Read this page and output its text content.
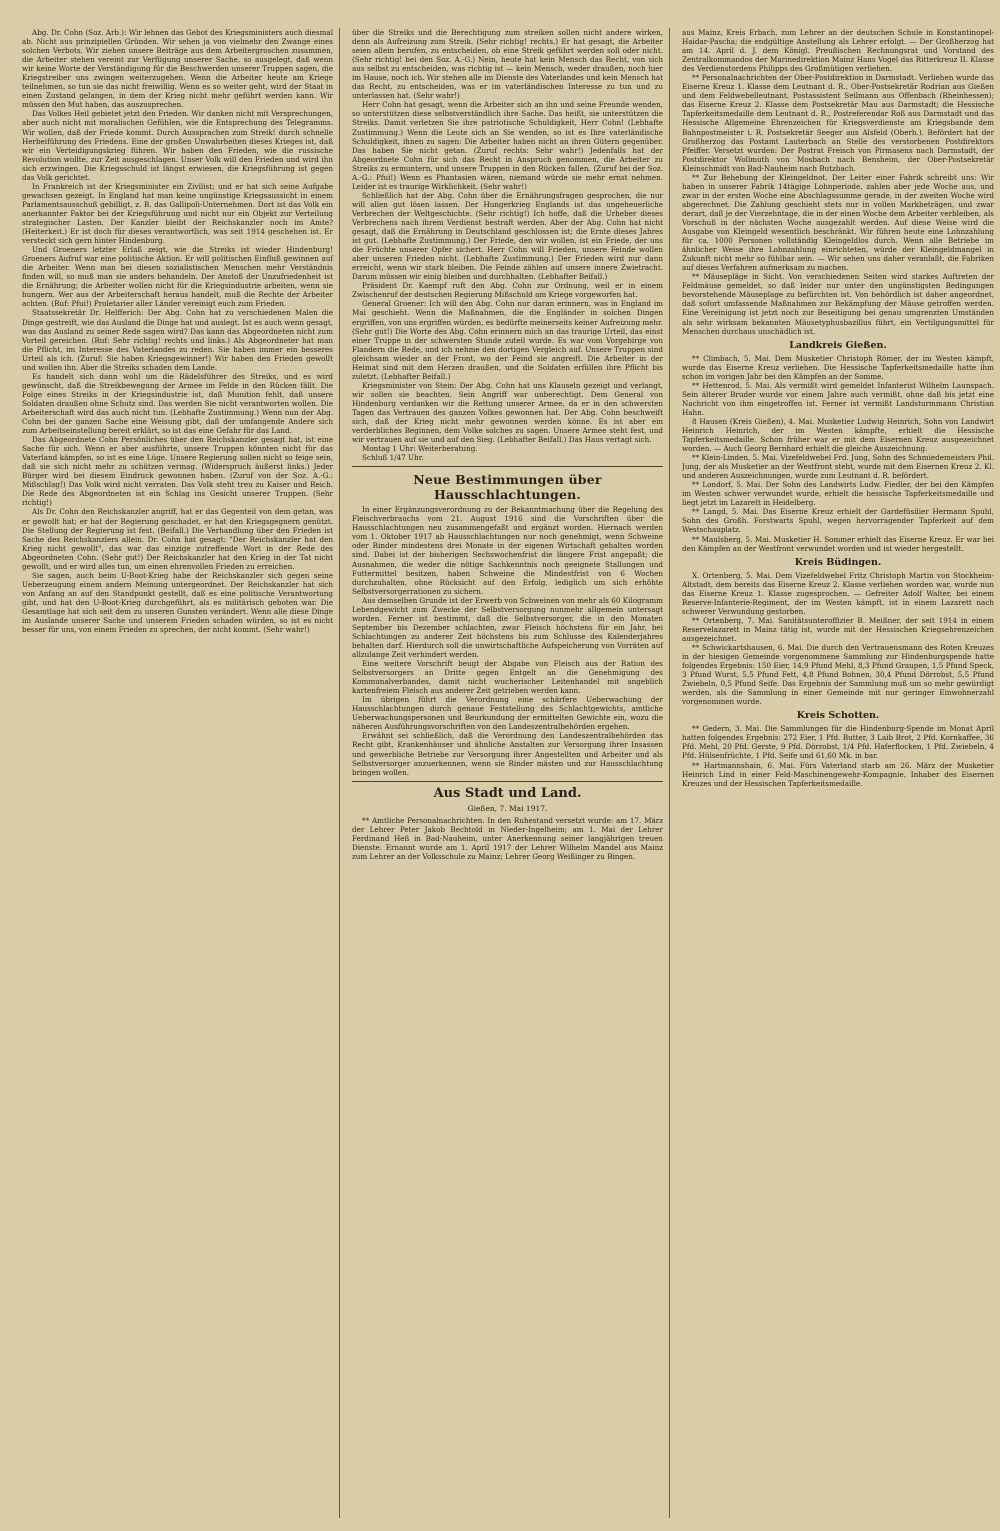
Abg. Dr. Cohn (Soz. Arb.): Wir lehnen das Gebot des Kriegsministers auch diesmal ab. Nicht aus prinzipiellen Gründen. Wir sehen ja von vielmehr den Zwange eines solchen Verbots. Wir ziehen unsere Beiträge aus dem Arbeitergroschen zusammen, die Arbeiter stehen vereint zur Verfügung unserer Sache, so ausgelegt, daß wenn wir keine Worte der Verständigung für die Beschwerden unserer Truppen sagen, die Kriegstreiber uns zwingen weiterzugehen. Wenn die Arbeiter heute am Kriege teilnehmen, so tun sie das nicht freiwillig. Wenn es so weiter geht, wird der Staat in einen Zustand gelangen, in dem der Krieg nicht mehr geführt werden kann. Wir müssen den Mut haben, das auszusprechen.

Das Volkes Heil gebietet jetzt den Frieden. Wir danken nicht mit Versprechungen, aber auch nicht mit moralischen Gefühlen, wie die Entsprechung des Telegramms. Wir wollen, daß der Friede kommt. Durch Aussprachen zum Streik! durch schnelle Herbeiführung des Friedens. Eine der großen Unwahrheiten dieses Krieges ist, daß wir ein Verteidigungskrieg führen. Wir haben den Frieden, wie die russische Revolution wollte, zur Zeit ausgeschlagen. Unser Volk will den Frieden und wird ihn sich erzwingen. Die Kriegsschuld ist längst erwiesen, die Kriegsführung ist gegen das Volk gerichtet.

In Frankreich ist der Kriegsminister ein Zivilist; und er hat sich seine Aufgabe gewachsen gezeigt. In England hat man keine ungünstige Kriegsaussicht in einem Parlamentsausschuß gebilligt, z. B. das Gallipoli-Unternehmen. Dort ist das Volk ein anerkannter Faktor bei der Kriegsführung und nicht nur ein Objekt zur Verteilung strategischer Lasten. Der Kanzler bleibt der Reichskanzler noch im Amte? (Heiterkeit.) Er ist doch für dieses verantwortlich, was seit 1914 geschehen ist. Er versteckt sich gern hinter Hindenburg.

Und Groeners letzter Erlaß zeigt, wie die Streiks ist wieder Hindenburg! Groeners Aufruf war eine politische Aktion. Er will politischen Einfluß gewinnen auf die Arbeiter. Wenn man bei diesen sozialistischen Menschen mehr Verständnis finden will, so muß man sie anders behandeln. Der Anstoß der Unzufriedenheit ist die Ernährung; die Arbeiter wollen nicht für die Kriegsindustrie arbeiten, wenn sie hungern. Wer aus der Arbeiterschaft heraus handelt, muß die Rechte der Arbeiter achten. (Ruf: Pfui!) Proletarier aller Länder vereinigt euch zum Frieden.

Staatssekretär Dr. Helfferich: Der Abg. Cohn hat zu verschiedenen Malen die Dinge gestreift, wie das Ausland die Dinge hat und auslegt. Ist es auch wenn gesagt, was das Ausland zu seiner Rede sagen wird? Das kann das Abgeordneten nicht zum Vorteil gereichen. (Ruf: Sehr richtig! rechts und links.) Als Abgeordneter hat man die Pflicht, im Interesse des Vaterlandes zu reden. Sie haben immer ein besseres Urteil als ich. (Zuruf: Sie haben Kriegsgewinner!) Wir haben den Frieden gewollt und wollen ihn. Aber die Streiks schaden dem Lande.

Es handelt sich dann wohl um die Rädelsführer des Streiks, und es wird gewünscht, daß die Streikbewegung der Armee im Felde in den Rücken fällt. Die Folge eines Streiks in der Kriegsindustrie ist, daß Munition fehlt, daß unsere Soldaten draußen ohne Schutz sind. Das werden Sie nicht verantworten wollen. Die Arbeiterschaft wird das auch nicht tun. (Lebhafte Zustimmung.) Wenn nun der Abg. Cohn bei der ganzen Sache eine Weisung gibt, daß der umfangende Andere sich zum Arbeitseinstellung bereit erklärt, so ist das eine Gefahr für das Land.

Das Abgeordnete Cohn Persönliches über den Reichskanzler gesagt hat, ist eine Sache für sich. Wenn er aber ausführte, unsere Truppen könnten nicht für das Vaterland kämpfen, so ist es eine Lüge. Unsere Regierung sollen nicht so feige sein, daß sie sich nicht mehr zu schützen vermag. (Widerspruch äußerst links.) Jeder Bürger wird bei diesem Eindruck gewonnen haben. (Zuruf von der Soz. A.-G.: Mißschlag!) Das Volk wird nicht verraten. Das Volk steht treu zu Kaiser und Reich. Die Rede des Abgeordneten ist ein Schlag ins Gesicht unserer Truppen. (Sehr richtig!)

Als Dr. Cohn den Reichskanzler angriff, hat er das Gegenteil von dem getan, was er gewollt hat; er hat der Regierung geschadet, er hat den Kriegsgegnern genützt. Die Stellung der Regierung ist fest. (Beifall.) Die Verhandlung über den Frieden ist Sache des Reichskanzlers allein. Dr. Cohn hat gesagt: "Der Reichskanzler hat den Krieg nicht gewollt", das war das einzige zutreffende Wort in der Rede des Abgeordneten Cohn. (Sehr gut!) Der Reichskanzler hat den Krieg in der Tat nicht gewollt, und er wird alles tun, um einen ehrenvollen Frieden zu erreichen.

Sie sagen, auch beim U-Boot-Krieg habe der Reichskanzler sich gegen seine Ueberzeugung einem andern Meinung untergeordnet. Der Reichskanzler hat sich von Anfang an auf den Standpunkt gestellt, daß es eine politische Verantwortung gibt, und hat den U-Boot-Krieg durchgeführt, als es militärisch geboten war. Die Gesamtlage hat sich seit dem zu unseren Gunsten verändert. Wenn alle diese Dinge im Auslande unserer Sache und unserem Frieden schaden würden, so ist es nicht besser für uns, von einem Frieden zu sprechen, der nicht kommt. (Sehr wahr!)

über die Streiks und die Berechtigung zum streiken sollen nicht andere wirken, denn als Aufreizung zum Streik. (Sehr richtig! rechts.) Er hat gesagt, die Arbeiter seien allein berufen, zu entscheiden, ob eine Streik geführt werden soll oder nicht. (Sehr richtig! bei den Soz. A.-G.) Nein, heute hat kein Mensch das Recht, von sich aus selbst zu entscheiden, was richtig ist — kein Mensch, weder draußen, noch hier im Hause, noch ich. Wir stehen alle im Dienste des Vaterlandes und kein Mensch hat das Recht, zu entscheiden, was er im vaterländischen Interesse zu tun und zu unterlassen hat. (Sehr wahr!)

Herr Cohn hat gesagt, wenn die Arbeiter sich an ihn und seine Freunde wenden, so unterstützen diese selbstverständlich ihre Sache. Das heißt, sie unterstützen die Streiks. Damit verletzen Sie ihre patriotische Schuldigkeit, Herr Cohn! (Lebhafte Zustimmung.) Wenn die Leute sich an Sie wenden, so ist es Ihre vaterländische Schuldigkeit, ihnen zu sagen: Die Arbeiter haben nicht an ihren Gütern gegenüber. Das haben Sie nicht getan. (Zuruf rechts: Sehr wahr!) Jedenfalls hat der Abgeordnete Cohn für sich das Recht in Anspruch genommen, die Arbeiter zu Streiks zu ermuntern, und unsere Truppen in den Rücken fallen. (Zuruf bei der Soz. A.-G.: Pfui!) Wenn es Phantasien wären, niemand würde sie mehr ernst nehmen. Leider ist es traurige Wirklichkeit. (Sehr wahr!)

Schließlich hat der Abg. Cohn über die Ernährungsfragen gesprochen, die nur will allen gut lösen lassen. Der Hungerkrieg Englands ist das ungeheuerliche Verbrechen der Weltgeschichte. (Sehr richtig!) Ich hoffe, daß die Urheber dieses Verbrechens nach ihrem Verdienst bestraft werden. Aber der Abg. Cohn hat nicht gesagt, daß die Ernährung in Deutschland geschlossen ist; die Ernte dieses Jahres ist gut. (Lebhafte Zustimmung.) Der Friede, den wir wollen, ist ein Friede, der uns die Früchte unserer Opfer sichert. Herr Cohn will Frieden, unsere Feinde wollen aber unseren Frieden nicht. (Lebhafte Zustimmung.) Der Frieden wird nur dann erreicht, wenn wir stark bleiben. Die Feinde zählen auf unsere innere Zwietracht. Darum müssen wir einig bleiben und durchhalten. (Lebhafter Beifall.)

Präsident Dr. Kaempf ruft den Abg. Cohn zur Ordnung, weil er in einem Zwischenruf der deutschen Regierung Mißschuld am Kriege vorgeworfen hat.

General Groener: Ich will den Abg. Cohn nur daran erinnern, was in England im Mai geschieht. Wenn die Maßnahmen, die die Engländer in solchen Dingen ergriffen, von uns ergriffen würden, es bedürfte meinerseits keiner Aufreizung mehr. (Sehr gut!) Die Worte des Abg. Cohn erinnern mich an das traurige Urteil, das einst einer Truppe in der schwersten Stunde zuteil wurde. Es war vom Vorgebirge von Flandern die Rede, und ich nehme den dortigen Vergleich auf. Unsere Truppen sind gleichsam wieder an der Front, wo der Feind sie angreift. Die Arbeiter in der Heimat sind mit dem Herzen draußen, und die Soldaten erfüllen ihre Pflicht bis zuletzt. (Lebhafter Beifall.)

Kriegsminister von Stein: Der Abg. Cohn hat uns Klauseln gezeigt und verlangt, wir sollen sie beachten. Sein Angriff war unberechtigt. Dem General von Hindenburg verdanken wir die Rettung unserer Armee, da er in den schwersten Tagen das Vertrauen des ganzen Volkes gewonnen hat. Der Abg. Cohn beschweift sich, daß der Krieg nicht mehr gewonnen werden könne. Es ist aber ein verderbliches Beginnen, dem Volke solches zu sagen. Unsere Armee steht fest, und wir vertrauen auf sie und auf den Sieg. (Lebhafter Beifall.) Das Haus vertagt sich.

Montag 1 Uhr: Weiterberatung.

Schluß 1/47 Uhr.

Neue Bestimmungen über Hausschlachtungen.

In einer Ergänzungsverordnung zu der Bekanntmachung über die Regelung des Fleischverbrauchs vom 21. August 1916 sind die Vorschriften über die Hausschlachtungen neu zusammengefaßt und ergänzt worden. Hiernach werden vom 1. Oktober 1917 ab Hausschlachtungen nur noch genehmigt, wenn Schweine oder Rinder mindestens drei Monate in der eigenen Wirtschaft gehalten worden sind. Dabei ist der bisherigen Sechswochenfrist die längere Frist angepaßt; die Ausnahmen, die weder die nötige Sachkenntnis noch geeignete Stallungen und Futtermittel besitzen, haben Schweine die Mindestfrist von 6 Wochen durchzuhalten, ohne Rücksicht auf den Erfolg, lediglich um sich erhöhte Selbstversorgerrationen zu sichern.

Aus demselben Grunde ist der Erwerb von Schweinen von mehr als 60 Kilogramm Lebendgewicht zum Zwecke der Selbstversorgung nunmehr allgemein untersagt worden. Ferner ist bestimmt, daß die Selbstversorger, die in den Monaten September bis Dezember schlachten, zwar Fleisch höchstens für ein Jahr, bei Schlachtungen zu anderer Zeit höchstens bis zum Schlusse des Kalenderjahres behalten darf. Hierdurch soll die unwirtschaftliche Aufspeicherung von Vorräten auf allzulange Zeit verhindert werden.

Eine weitere Vorschrift beugt der Abgabe von Fleisch aus der Ration des Selbstversorgers an Dritte gegen Entgelt an die Genehmigung des Kommunalverbandes, damit nicht wucherischer Leitenhandel mit angeblich kartenfreiem Fleisch aus anderer Zeit getrieben werden kann.

Im übrigen führt die Verordnung eine schärfere Ueberwachung der Hausschlachtungen durch genaue Feststellung des Schlachtgewichts, amtliche Ueberwachungspersonen und Beurkundung der ermittelten Gewichte ein, wozu die näheren Ausführungsvorschriften von den Landeszentralbehörden ergehen.

Erwähnt sei schließlich, daß die Verordnung den Landeszentralbehörden das Recht gibt, Krankenhäuser und ähnliche Anstalten zur Versorgung ihrer Insassen und gewerbliche Betriebe zur Versorgung ihrer Angestellten und Arbeiter und als Selbstversorger anzuerkennen, wenn sie Rinder mästen und zur Hausschlachtung bringen wollen.

Aus Stadt und Land.
Gießen, 7. Mai 1917.

** Amtliche Personalnachrichten. In den Ruhestand versetzt wurde: am 17. März der Lehrer Peter Jakob Bechtold in Nieder-Ingelheim; am 1. Mai der Lehrer Ferdinand Heß in Bad-Nauheim, unter Anerkennung seiner langjährigen treuen Dienste. Ernannt wurde am 1. April 1917 der Lehrer Wilhelm Mandel aus Mainz zum Lehrer an der Volksschule zu Mainz; Lehrer Georg Weißinger zu Bingen.

aus Mainz, Kreis Erbach, zum Lehrer an der deutschen Schule in Konstantinopel-Haidar-Pascha; die endgültige Anstellung als Lehrer erfolgt. — Der Großherzog hat am 14. April d. J. dem Königl. Preußischen Rechnungsrat und Vorstand des Zentralkommandos der Marinedirektion Mainz Hans Vogel das Ritterkreuz II. Klasse des Verdienstordens Philipps des Großmütigen verliehen.

** Personalnachrichten der Ober-Postdirektion in Darmstadt. Verliehen wurde das Eiserne Kreuz 1. Klasse dem Leutnant d. R., Ober-Postsekretär Rodrian aus Gießen und dem Feldwebelleutnant, Postassistent Seilmann aus Offenbach (Rheinhessen); das Eiserne Kreuz 2. Klasse dem Postsekretär Mau aus Darmstadt; die Hessische Tapferkeitsmedaille dem Leutnant d. R., Postreferendar Roß aus Darmstadt und das Hessische Allgemeine Ehrenzeichen für Kriegsverdienste am Kriegsbande dem Bahnpostmeister i. R. Postsekretär Seeger aus Alsfeld (Oberh.). Befördert hat der Großherzog das Postamt Lauterbach an Stelle des verstorbenen Postdirektors Pfeiffer. Versetzt wurden: Der Postrat Freisch von Pirmasens nach Darmstadt, der Postdirektor Wollmuth von Mosbach nach Bensheim, der Ober-Postsekretär Kleinschmidt von Bad-Nauheim nach Butzbach.

** Zur Behebung der Kleingeldnot. Der Leiter einer Fabrik schreibt uns: Wir haben in unserer Fabrik 14tägige Lohnperiode, zahlen aber jede Woche aus, und zwar in der ersten Woche eine Abschlagssumme gerade, in der zweiten Woche wird abgerechnet. Die Zahlung geschieht stets nur in vollen Markbeträgen, und zwar derart, daß je der Vierzehntage, die in der einen Woche dem Arbeiter verbleiben, als Vorschuß in der nächsten Woche ausgezahlt werden. Auf diese Weise wird die Ausgabe von Kleingeld wesentlich beschränkt. Wir führen heute eine Lohnzahlung für ca. 1000 Personen vollständig Kleingeldlos durch. Wenn alle Betriebe im ähnlicher Weise ihre Lohnzahlung einrichteten, würde der Kleingeldmangel in Zukunft nicht mehr so fühlbar sein. — Wir sehen uns daher veranlaßt, die Fabriken auf dieses Verfahren aufmerksam zu machen.

** Mäusepläge in Sicht. Von verschiedenen Seiten wird starkes Auftreten der Feldmäuse gemeldet, so daß leider nur unter den ungünstigsten Bedingungen bevorstehende Mäuseplage zu befürchten ist. Von behördlich ist daher angeordnet, daß sofort umfassende Maßnahmen zur Bekämpfung der Mäuse getroffen werden. Eine Vereinigung ist jetzt noch zur Beseitigung bei genau umgrenzten Umständen als sehr wirksam bekannten Mäusetyphusbazillus führt, ein Vertilgungsmittel für Menschen durchaus unschädlich ist.

Landkreis Gießen.

** Climbach, 5. Mai. Dem Musketier Christoph Römer, der im Westen kämpft, wurde das Eiserne Kreuz verliehen. Die Hessische Tapferkeitsmedaille hatte ihm schon im vorigen Jahr bei den Kämpfen an der Somme.

** Hettenrod, 5. Mai. Als vermißt wird gemeldet Infanterist Wilhelm Launspach. Sein älterer Bruder wurde vor einem Jahre auch vermißt, ohne daß bis jetzt eine Nachricht von ihm eingetroffen ist. Ferner ist vermißt Landsturmmann Christian Hahn.

8 Hausen (Kreis Gießen), 4. Mai. Musketier Ludwig Heinrich, Sohn von Landwirt Heinrich Heinrich, der im Westen kämpfte, erhielt die Hessische Tapferkeitsmedaille. Schon früher war er mit dem Eisernen Kreuz ausgezeichnet worden. — Auch Georg Bernhard erhielt die gleiche Auszeichnung.

** Klein-Linden, 5. Mai. Vizefeldwebel Frd. Jung, Sohn des Schmiedemeisters Phil. Jung, der als Musketier an der Westfront steht, wurde mit dem Eisernen Kreuz 2. Kl. und anderen Auszeichnungen, wurde zum Leutnant d. R. befördert.

** Londorf, 5. Mai. Der Sohn des Landwirts Ludw. Fiedler, der bei den Kämpfen im Westen schwer verwundet wurde, erhielt die hessische Tapferkeitsmedaille und liegt jetzt im Lazarett in Heidelberg.

** Langd, 5. Mai. Das Eiserne Kreuz erhielt der Gardefüsilier Hermann Spuhl, Sohn des Großh. Forstwarts Spuhl, wegen hervorragender Tapferkeit auf dem Westschauplatz.

** Maulsberg, 5. Mai. Musketier H. Sommer erhielt das Eiserne Kreuz. Er war bei den Kämpfen an der Westfront verwundet worden und ist wieder hergestellt.

Kreis Büdingen.

X. Ortenberg, 5. Mai. Dem Vizefeldwebel Fritz Christoph Martin von Stockheim-Altstadt, dem bereits das Eiserne Kreuz 2. Klasse verliehen worden war, wurde nun das Eiserne Kreuz 1. Klasse zugesprochen. — Gefreiter Adolf Walter, bei einem Reserve-Infanterie-Regiment, der im Westen kämpft, ist in einem Lazarett nach schwerer Verwundung gestorben.

** Ortenberg, 7. Mai. Sanitätsunteroffizier B. Meißner, der seit 1914 in einem Reservelazarett in Mainz tätig ist, wurde mit der Hessischen Kriegsehrenzeichen ausgezeichnet.

** Schwickartshausen, 6. Mai. Die durch den Vertrauensmann des Roten Kreuzes in der hiesigen Gemeinde vorgenommene Sammlung zur Hindenburgspende hatte folgendes Ergebnis: 150 Eier, 14,9 Pfund Mehl, 8,3 Pfund Graupen, 1,5 Pfund Speck, 3 Pfund Wurst, 5,5 Pfund Fett, 4,8 Pfund Bohnen, 30,4 Pfund Dörrobst, 5,5 Pfund Zwiebeln, 0,5 Pfund Seife. Das Ergebnis der Sammlung muß um so mehr gewürdigt werden, als die Sammlung in einer Gemeinde mit nur geringer Einwohnerzahl vorgenommen wurde.

Kreis Schotten.

** Gedern, 3. Mai. Die Sammlungen für die Hindenburg-Spende im Monat April hatten folgendes Ergebnis: 272 Eier, 1 Pfd. Butter, 3 Laib Brot, 2 Pfd. Kornkaffee, 36 Pfd. Mehl, 20 Pfd. Gerste, 9 Pfd. Dörrobst, 1/4 Pfd. Haferflocken, 1 Pfd. Zwiebeln, 4 Pfd. Hülsenfrüchte, 1 Pfd. Seife und 61,60 Mk. in bar.

** Hartmannshain, 6. Mai. Fürs Vaterland starb am 26. März der Musketier Heinrich Lind in einer Feld-Maschinengewehr-Kompagnie, Inhaber des Eisernen Kreuzes und der Hessischen Tapferkeitsmedaille.
